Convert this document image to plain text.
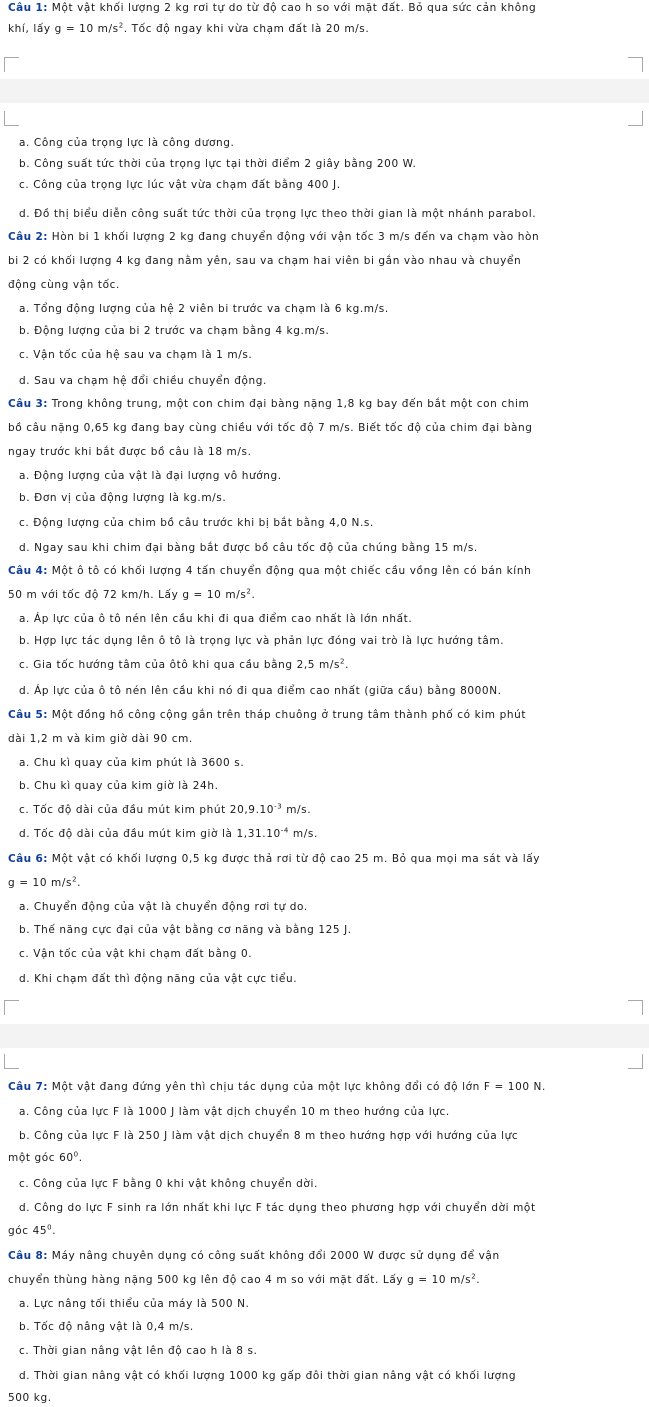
Câu 1: Một vật khối lượng 2 kg rơi tự do từ độ cao h so với mặt đất. Bỏ qua sức cản không
khí, lấy g = 10 $m/s^2$. Tốc độ ngay khi vừa chạm đất là 20 m/s.
a. Công của trọng lực là công dương.
b. Công suất tức thời của trọng lực tại thời điểm 2 giây bằng 200 W.
c. Công của trọng lực lúc vật vừa chạm đất bằng 400 J.
d. Đồ thị biểu diễn công suất tức thời của trọng lực theo thời gian là một nhánh parabol.
Câu 2: Hòn bi 1 khối lượng 2 kg đang chuyển động với vận tốc 3 m/s đến va chạm vào hòn
bi 2 có khối lượng 4 kg đang nằm yên, sau va chạm hai viên bi gắn vào nhau và chuyển
động cùng vận tốc.
a. Tổng động lượng của hệ 2 viên bi trước va chạm là 6 kg.m/s.
b. Động lượng của bi 2 trước va chạm bằng 4 kg.m/s.
c. Vận tốc của hệ sau va chạm là 1 m/s.
d. Sau va chạm hệ đổi chiều chuyển động.
Câu 3: Trong không trung, một con chim đại bàng nặng 1,8 kg bay đến bắt một con chim
bồ câu nặng 0,65 kg đang bay cùng chiều với tốc độ 7 m/s. Biết tốc độ của chim đại bàng
ngay trước khi bắt được bồ câu là 18 m/s.
a. Động lượng của vật là đại lượng vô hướng.
b. Đơn vị của động lượng là kg.m/s.
c. Động lượng của chim bồ câu trước khi bị bắt bằng 4,0 N.s.
d. Ngay sau khi chim đại bàng bắt được bồ câu tốc độ của chúng bằng 15 m/s.
Câu 4: Một ô tô có khối lượng 4 tấn chuyển động qua một chiếc cầu vồng lên có bán kính
50 m với tốc độ 72 km/h. Lấy g = 10 $m/s^2$.
a. Áp lực của ô tô nén lên cầu khi đi qua điểm cao nhất là lớn nhất.
b. Hợp lực tác dụng lên ô tô là trọng lực và phản lực đóng vai trò là lực hướng tâm.
c. Gia tốc hướng tâm của ôtô khi qua cầu bằng 2,5 $m/s^2$.
d. Áp lực của ô tô nén lên cầu khi nó đi qua điểm cao nhất (giữa cầu) bằng 8000N.
Câu 5: Một đồng hồ công cộng gắn trên tháp chuông ở trung tâm thành phố có kim phút
dài 1,2 m và kim giờ dài 90 cm.
a. Chu kì quay của kim phút là 3600 s.
b. Chu kì quay của kim giờ là 24h.
c. Tốc độ dài của đầu mút kim phút $20,9.10^{-3}$ m/s.
d. Tốc độ dài của đầu mút kim giờ là $1,31.10^{-4}$ m/s.
Câu 6: Một vật có khối lượng 0,5 kg được thả rơi từ độ cao 25 m. Bỏ qua mọi ma sát và lấy
g = 10 $m/s^2$.
a. Chuyển động của vật là chuyển động rơi tự do.
b. Thế năng cực đại của vật bằng cơ năng và bằng 125 J.
c. Vận tốc của vật khi chạm đất bằng 0.
d. Khi chạm đất thì động năng của vật cực tiểu.
Câu 7: Một vật đang đứng yên thì chịu tác dụng của một lực không đổi có độ lớn F = 100 N.
a. Công của lực F là 1000 J làm vật dịch chuyển 10 m theo hướng của lực.
b. Công của lực F là 250 J làm vật dịch chuyển 8 m theo hướng hợp với hướng của lực
một góc $60^0$.
c. Công của lực F bằng 0 khi vật không chuyển dời.
d. Công do lực F sinh ra lớn nhất khi lực F tác dụng theo phương hợp với chuyển dời một
góc $45^0$.
Câu 8: Máy nâng chuyên dụng có công suất không đổi 2000 W được sử dụng để vận
chuyển thùng hàng nặng 500 kg lên độ cao 4 m so với mặt đất. Lấy g = 10 $m/s^2$.
a. Lực nâng tối thiểu của máy là 500 N.
b. Tốc độ nâng vật là 0,4 m/s.
c. Thời gian nâng vật lên độ cao h là 8 s.
d. Thời gian nâng vật có khối lượng 1000 kg gấp đôi thời gian nâng vật có khối lượng
500 kg.
